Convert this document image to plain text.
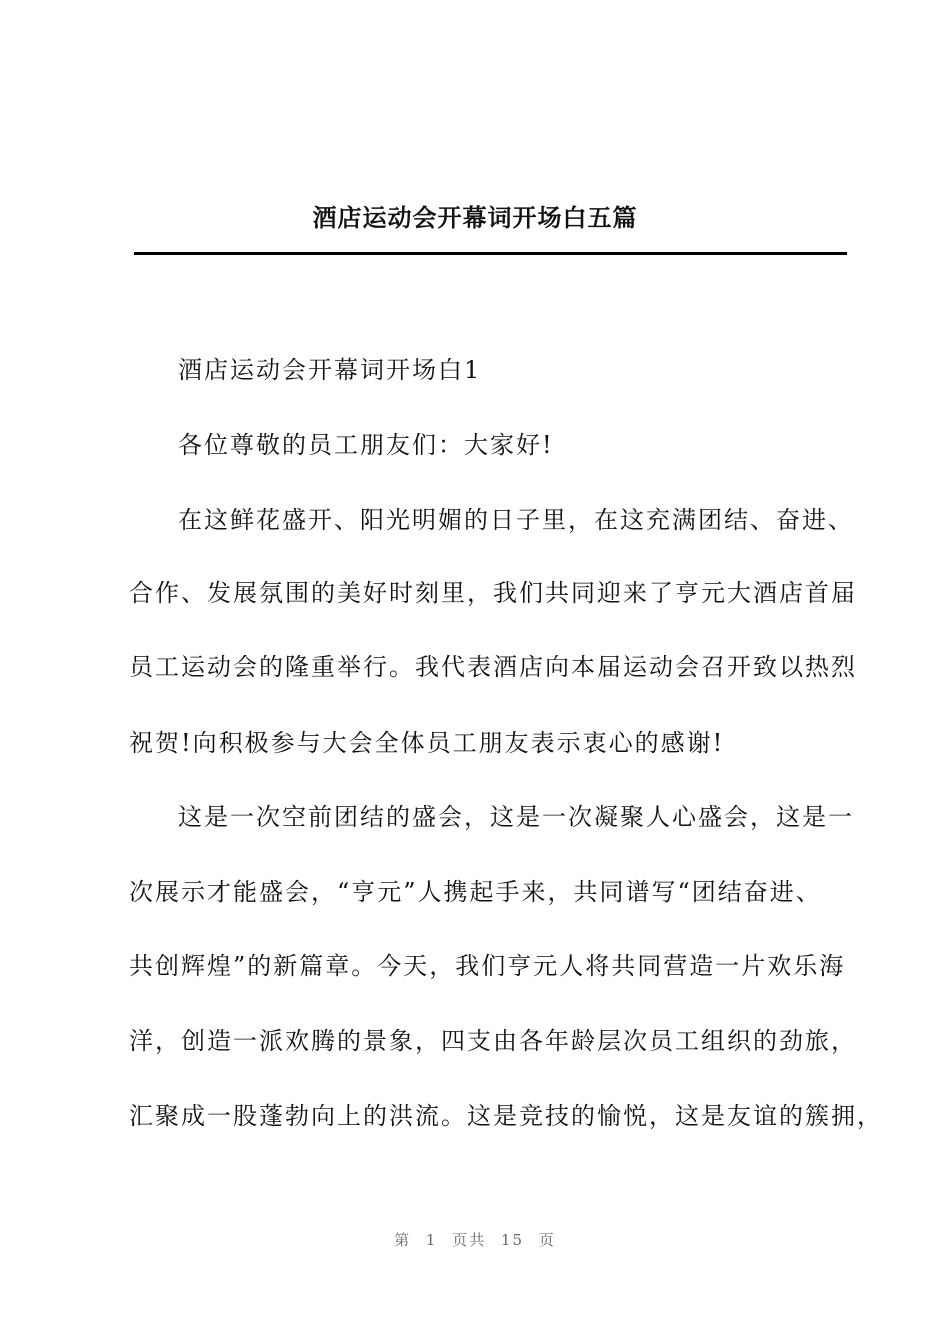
酒店运动会开幕词开场白五篇
酒店运动会开幕词开场白1
各位尊敬的员工朋友们：大家好!
在这鲜花盛开、阳光明媚的日子里，在这充满团结、奋进、
合作、发展氛围的美好时刻里，我们共同迎来了亨元大酒店首届
员工运动会的隆重举行。我代表酒店向本届运动会召开致以热烈
祝贺!向积极参与大会全体员工朋友表示衷心的感谢!
这是一次空前团结的盛会，这是一次凝聚人心盛会，这是一
次展示才能盛会，“亨元”人携起手来，共同谱写“团结奋进、
共创辉煌”的新篇章。今天，我们亨元人将共同营造一片欢乐海
洋，创造一派欢腾的景象，四支由各年龄层次员工组织的劲旅，
汇聚成一股蓬勃向上的洪流。这是竞技的愉悦，这是友谊的簇拥，
第 1 页共 15 页
